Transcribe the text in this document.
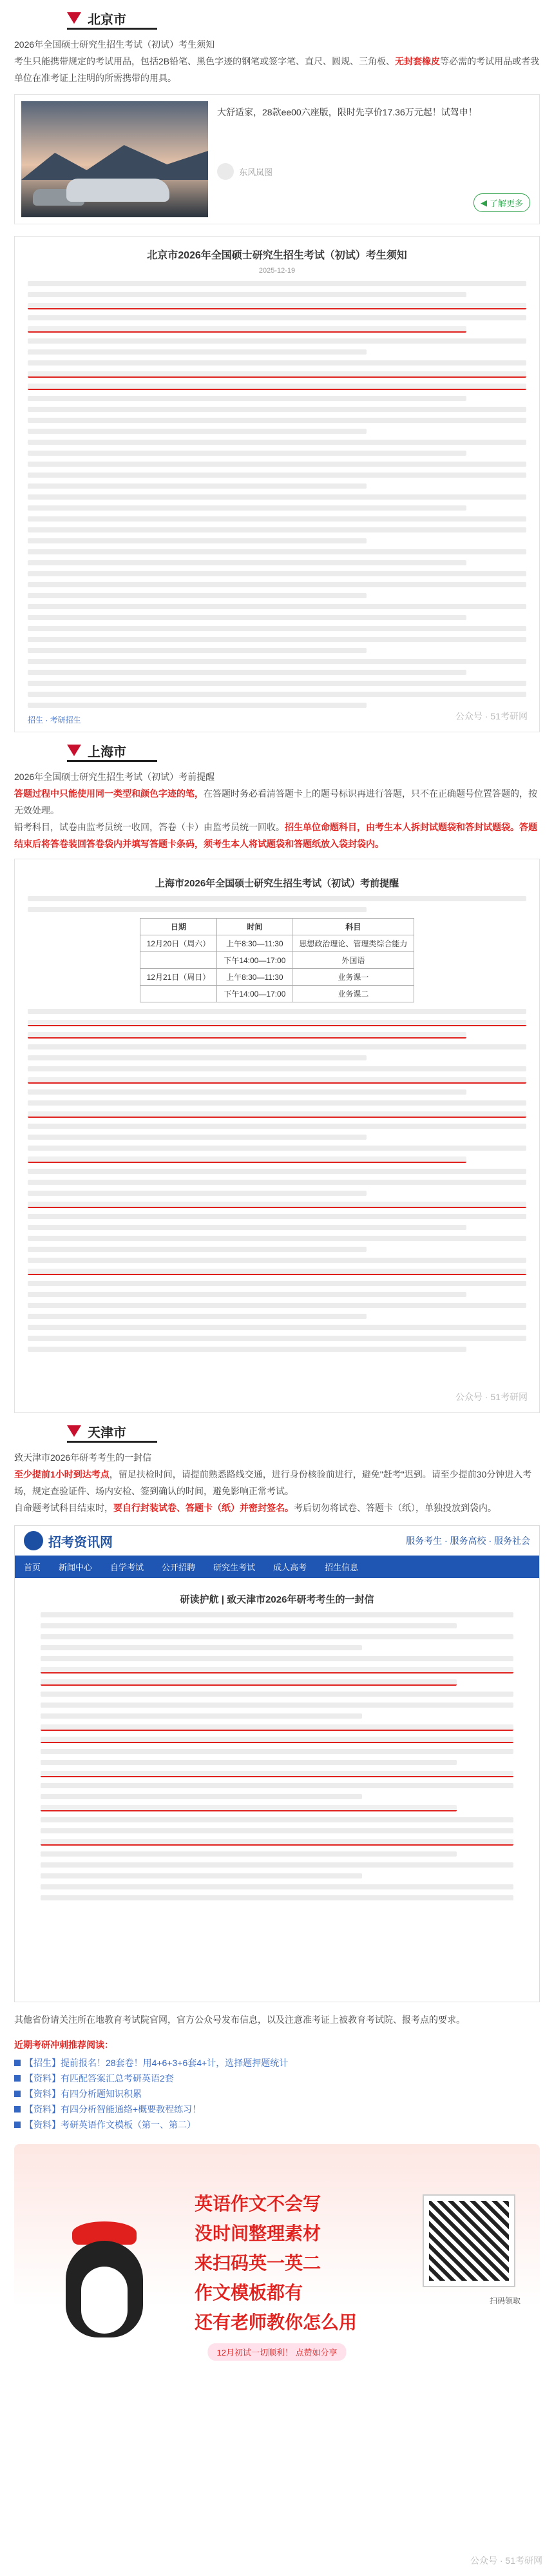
北京市

2026年全国硕士研究生招生考试（初试）考生须知

考生只能携带规定的考试用品，包括2B铅笔、黑色字迹的钢笔或签字笔、直尺、圆规、三角板、无封套橡皮等必需的考试用品或者我单位在准考证上注明的所需携带的用具。

大舒适家，28款ee00六座版，限时先享价17.36万元起！试驾申！

东风岚图
◀ 了解更多
北京市2026年全国硕士研究生招生考试（初试）考生须知
2025-12-19
招生 · 考研招生	公众号 · 51考研网
上海市

2026年全国硕士研究生招生考试（初试）考前提醒

答题过程中只能使用同一类型和颜色字迹的笔，在答题时务必看清答题卡上的题号标识再进行答题，只不在正确题号位置答题的，按无效处理。

铅考科目，试卷由监考员统一收回，答卷（卡）由监考员统一回收。招生单位命题科目，由考生本人拆封试题袋和答封试题袋。答题结束后将答卷装回答卷袋内并填写答题卡条码，须考生本人将试题袋和答题纸放入袋封袋内。

上海市2026年全国硕士研究生招生考试（初试）考前提醒
日期	时间	科目
12月20日（周六）	上午8:30—11:30	思想政治理论、管理类综合能力
	下午14:00—17:00	外国语
12月21日（周日）	上午8:30—11:30	业务课一
	下午14:00—17:00	业务课二
公众号 · 51考研网
天津市

致天津市2026年研考考生的一封信

至少提前1小时到达考点，留足扶检时间，请提前熟悉路线交通，进行身份核验前进行，避免"赶考"迟到。请至少提前30分钟进入考场，规定查验证件、场内安检、签到确认的时间，避免影响正常考试。

自命题考试科目结束时，要自行封装试卷、答题卡（纸）并密封签名。考后切勿将试卷、答题卡（纸），单独投放到袋内。

招考资讯网	服务考生 · 服务高校 · 服务社会
首页	新闻中心	自学考试	公开招聘	研究生考试	成人高考	招生信息
研读护航 | 致天津市2026年研考考生的一封信
公众号 · 51考研网

其他省份请关注所在地教育考试院官网，官方公众号发布信息，以及注意准考证上被教育考试院、报考点的要求。

近期考研冲刺推荐阅读：
【招生】提前报名！28套卷！用4+6+3+6套4+计，选择题押题统计
【资料】有匹配答案汇总考研英语2套
【资料】有四分析题知识积累
【资料】有四分析智能通络+概要教程练习！
【资料】考研英语作文模板（第一、第二）
英语作文不会写
没时间整理素材
来扫码英一英二
作文模板都有
还有老师教你怎么用
扫码领取
12月初试一切顺利！ 点赞如分享
